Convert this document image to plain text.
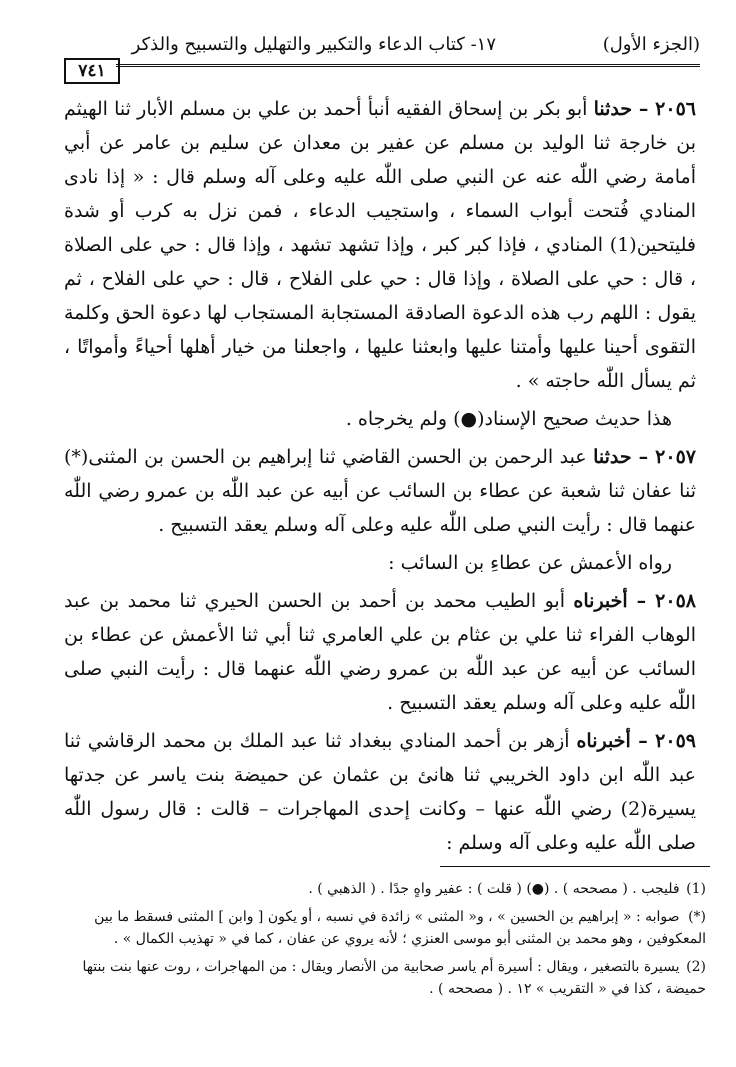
(الجزء الأول)
١٧- كتاب الدعاء والتكبير والتهليل والتسبيح والذكر
٧٤١

٢٠٥٦ – حدثنا أبو بكر بن إسحاق الفقيه أنبأ أحمد بن علي بن مسلم الأبار ثنا الهيثم بن خارجة ثنا الوليد بن مسلم عن عفير بن معدان عن سليم بن عامر عن أبي أمامة رضي اللّٰه عنه عن النبي صلى اللّٰه عليه وعلى آله وسلم قال : « إذا نادى المنادي فُتحت أبواب السماء ، واستجيب الدعاء ، فمن نزل به كرب أو شدة فليتحين(1) المنادي ، فإذا كبر كبر ، وإذا تشهد تشهد ، وإذا قال : حي على الصلاة ، قال : حي على الصلاة ، وإذا قال : حي على الفلاح ، قال : حي على الفلاح ، ثم يقول : اللهم رب هذه الدعوة الصادقة المستجابة المستجاب لها دعوة الحق وكلمة التقوى أحينا عليها وأمتنا عليها وابعثنا عليها ، واجعلنا من خيار أهلها أحياءً وأمواتًا ، ثم يسأل اللّٰه حاجته » .

هذا حديث صحيح الإسناد(●) ولم يخرجاه .

٢٠٥٧ – حدثنا عبد الرحمن بن الحسن القاضي ثنا إبراهيم بن الحسن بن المثنى(*) ثنا عفان ثنا شعبة عن عطاء بن السائب عن أبيه عن عبد اللّٰه بن عمرو رضي اللّٰه عنهما قال : رأيت النبي صلى اللّٰه عليه وعلى آله وسلم يعقد التسبيح .

رواه الأعمش عن عطاءِ بن السائب :

٢٠٥٨ – أخبرناه أبو الطيب محمد بن أحمد بن الحسن الحيري ثنا محمد بن عبد الوهاب الفراء ثنا علي بن عثام بن علي العامري ثنا أبي ثنا الأعمش عن عطاء بن السائب عن أبيه عن عبد اللّٰه بن عمرو رضي اللّٰه عنهما قال : رأيت النبي صلى اللّٰه عليه وعلى آله وسلم يعقد التسبيح .

٢٠٥٩ – أخبرناه أزهر بن أحمد المنادي ببغداد ثنا عبد الملك بن محمد الرقاشي ثنا عبد اللّٰه ابن داود الخريبي ثنا هانئ بن عثمان عن حميضة بنت ياسر عن جدتها يسيرة(2) رضي اللّٰه عنها – وكانت إحدى المهاجرات – قالت : قال رسول اللّٰه صلى اللّٰه عليه وعلى آله وسلم :

(1) فليجب . ( مصححه ) . (●) ( قلت ) : عفير واهٍ جدًا . ( الذهبي ) .
(*) صوابه : « إبراهيم بن الحسين » ، و« المثنى » زائدة في نسبه ، أو يكون [ وابن ] المثنى فسقط ما بين المعكوفين ، وهو محمد بن المثنى أبو موسى العنزي ؛ لأنه يروي عن عفان ، كما في « تهذيب الكمال » .
(2) يسيرة بالتصغير ، ويقال : أسيرة أم ياسر صحابية من الأنصار ويقال : من المهاجرات ، روت عنها بنت بنتها حميضة ، كذا في « التقريب » ١٢ . ( مصححه ) .
